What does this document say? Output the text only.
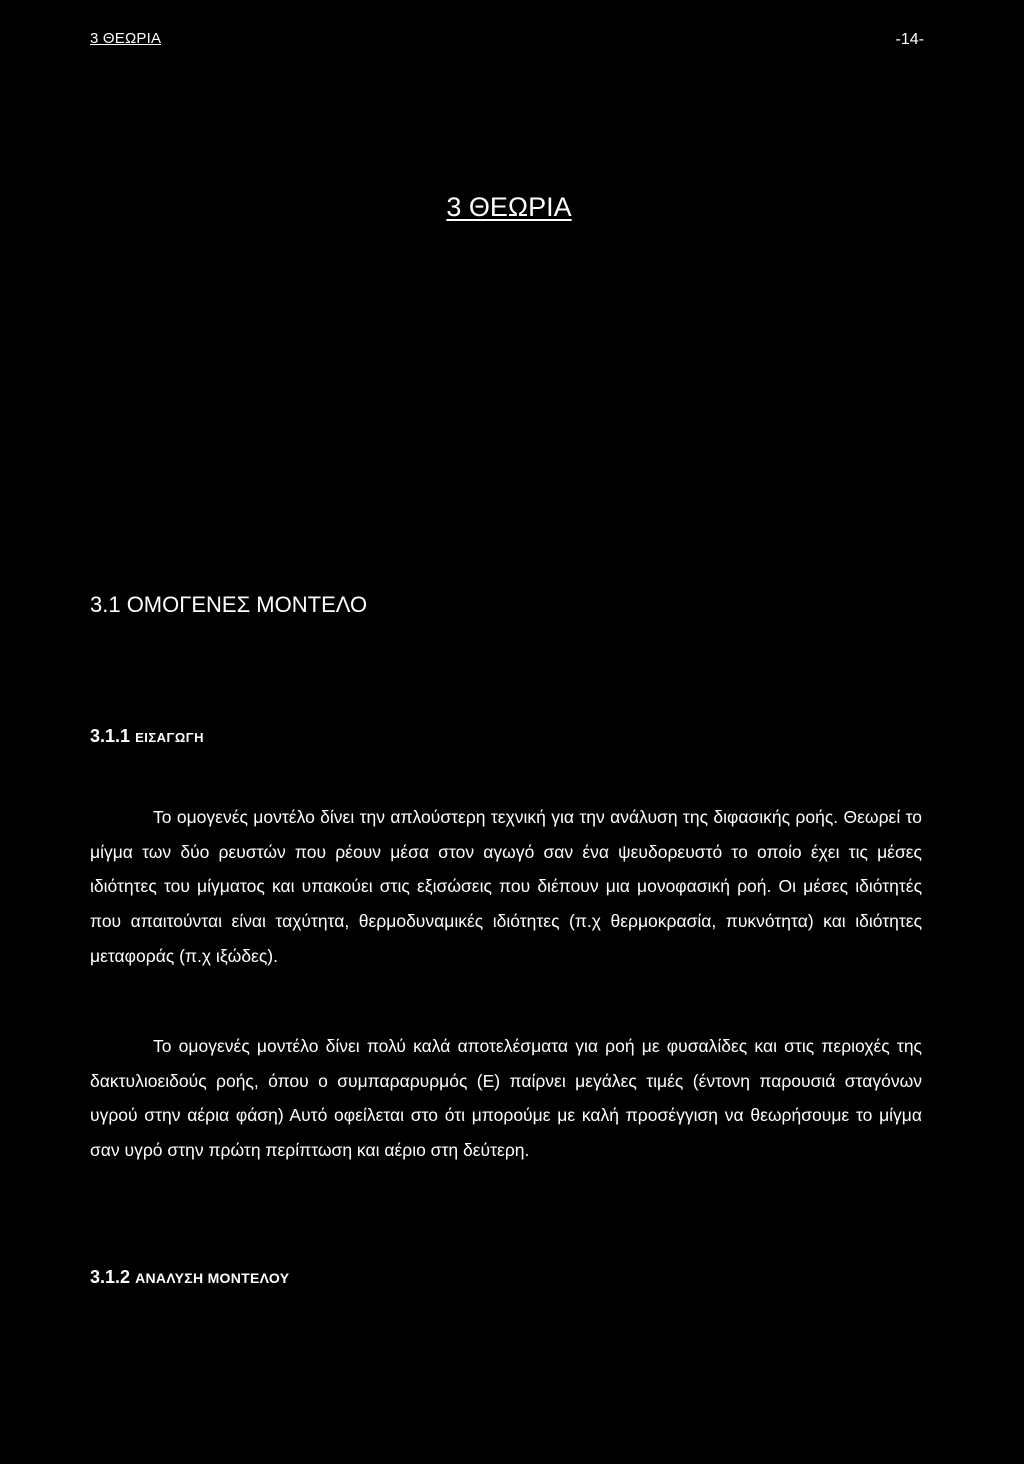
3 ΘΕΩΡΙΑ	-14-
3 ΘΕΩΡΙΑ
3.1 ΟΜΟΓΕΝΕΣ ΜΟΝΤΕΛΟ
3.1.1 ΕΙΣΑΓΩΓΗ
Το ομογενές μοντέλο δίνει την απλούστερη τεχνική για την ανάλυση της διφασικής ροής. Θεωρεί το μίγμα των δύο ρευστών που ρέουν μέσα στον αγωγό σαν ένα ψευδορευστό το οποίο έχει τις μέσες ιδιότητες του μίγματος και υπακούει στις εξισώσεις που διέπουν μια μονοφασική ροή. Οι μέσες ιδιότητές που απαιτούνται είναι ταχύτητα, θερμοδυναμικές ιδιότητες (π.χ θερμοκρασία, πυκνότητα) και ιδιότητες μεταφοράς (π.χ ιξώδες).
Το ομογενές μοντέλο δίνει πολύ καλά αποτελέσματα για ροή με φυσαλίδες και στις περιοχές της δακτυλιοειδούς ροής, όπου ο συμπαραρυρμός (Ε) παίρνει μεγάλες τιμές (έντονη παρουσιά σταγόνων υγρού στην αέρια φάση) Αυτό οφείλεται στο ότι μπορούμε με καλή προσέγγιση να θεωρήσουμε το μίγμα σαν υγρό στην πρώτη περίπτωση και αέριο στη δεύτερη.
3.1.2 ΑΝΑΛΥΣΗ ΜΟΝΤΕΛΟΥ
